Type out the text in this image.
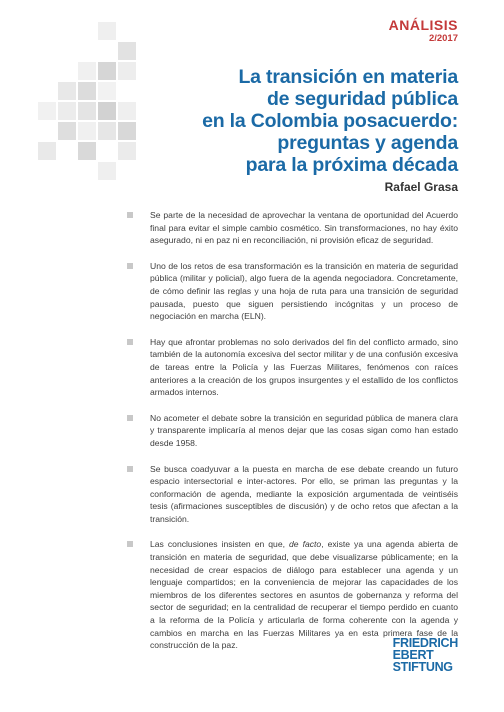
ANÁLISIS
2/2017
La transición en materia
de seguridad pública
en la Colombia posacuerdo:
preguntas y agenda
para la próxima década
Rafael Grasa
Se parte de la necesidad de aprovechar la ventana de oportunidad del Acuerdo final para evitar el simple cambio cosmético. Sin transformaciones, no hay éxito asegurado, ni en paz ni en reconciliación, ni provisión eficaz de seguridad.
Uno de los retos de esa transformación es la transición en materia de seguridad pública (militar y policial), algo fuera de la agenda negociadora. Concretamente, de cómo definir las reglas y una hoja de ruta para una transición de seguridad pausada, puesto que siguen persistiendo incógnitas y un proceso de negociación en marcha (ELN).
Hay que afrontar problemas no solo derivados del fin del conflicto armado, sino también de la autonomía excesiva del sector militar y de una confusión excesiva de tareas entre la Policía y las Fuerzas Militares, fenómenos con raíces anteriores a la creación de los grupos insurgentes y el estallido de los conflictos armados internos.
No acometer el debate sobre la transición en seguridad pública de manera clara y transparente implicaría al menos dejar que las cosas sigan como han estado desde 1958.
Se busca coadyuvar a la puesta en marcha de ese debate creando un futuro espacio intersectorial e inter-actores. Por ello, se priman las preguntas y la conformación de agenda, mediante la exposición argumentada de veintiséis tesis (afirmaciones susceptibles de discusión) y de ocho retos que afectan a la transición.
Las conclusiones insisten en que, de facto, existe ya una agenda abierta de transición en materia de seguridad, que debe visualizarse públicamente; en la necesidad de crear espacios de diálogo para establecer una agenda y un lenguaje compartidos; en la conveniencia de mejorar las capacidades de los miembros de los diferentes sectores en asuntos de gobernanza y reforma del sector de seguridad; en la centralidad de recuperar el tiempo perdido en cuanto a la reforma de la Policía y articularla de forma coherente con la agenda y cambios en marcha en las Fuerzas Militares ya en esta primera fase de la construcción de la paz.	FRIEDRICH
EBERT
STIFTUNG
